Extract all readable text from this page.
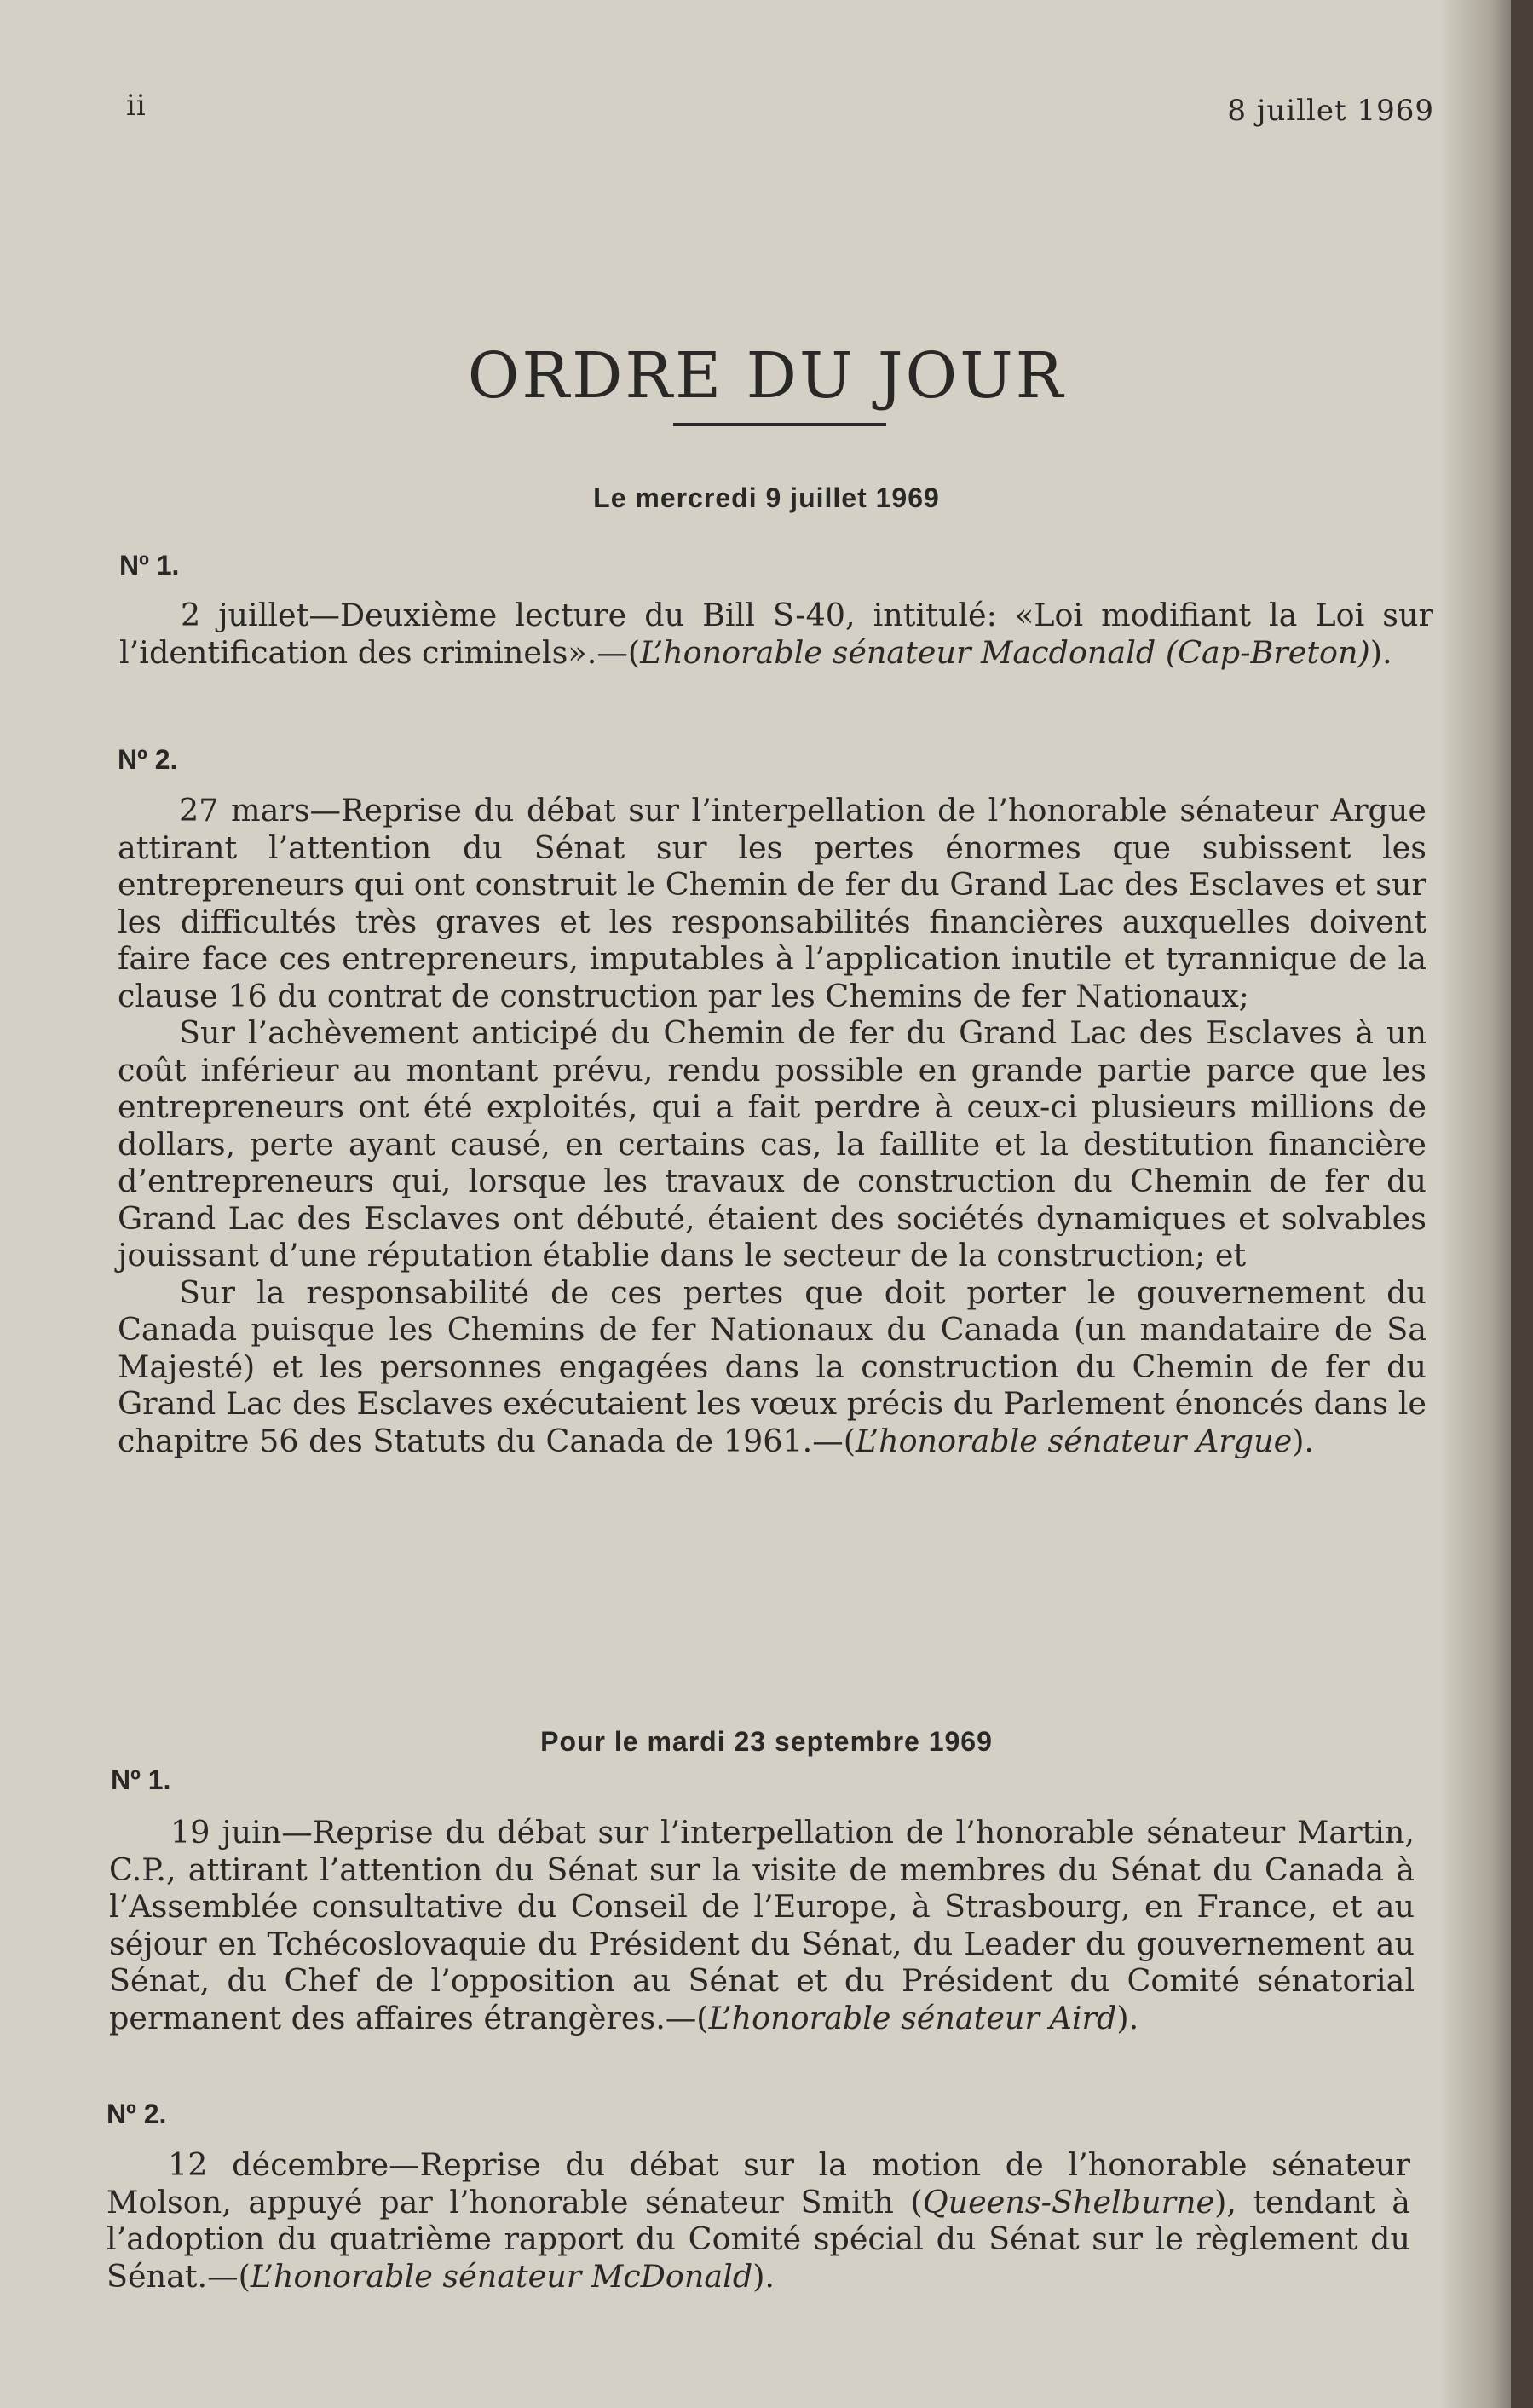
ii	8 juillet 1969
ORDRE DU JOUR
Le mercredi 9 juillet 1969
Nº 1.

2 juillet—Deuxième lecture du Bill S-40, intitulé: «Loi modifiant la Loi sur l’identification des criminels».—(L’honorable sénateur Macdonald (Cap-Breton)).

Nº 2.

27 mars—Reprise du débat sur l’interpellation de l’honorable sénateur Argue attirant l’attention du Sénat sur les pertes énormes que subissent les entrepreneurs qui ont construit le Chemin de fer du Grand Lac des Esclaves et sur les difficultés très graves et les responsabilités financières auxquelles doivent faire face ces entrepreneurs, imputables à l’application inutile et tyrannique de la clause 16 du contrat de construction par les Chemins de fer Nationaux;

Sur l’achèvement anticipé du Chemin de fer du Grand Lac des Esclaves à un coût inférieur au montant prévu, rendu possible en grande partie parce que les entrepreneurs ont été exploités, qui a fait perdre à ceux-ci plusieurs millions de dollars, perte ayant causé, en certains cas, la faillite et la destitution financière d’entrepreneurs qui, lorsque les travaux de construction du Chemin de fer du Grand Lac des Esclaves ont débuté, étaient des sociétés dynamiques et solvables jouissant d’une réputation établie dans le secteur de la construction; et

Sur la responsabilité de ces pertes que doit porter le gouvernement du Canada puisque les Chemins de fer Nationaux du Canada (un mandataire de Sa Majesté) et les personnes engagées dans la construction du Chemin de fer du Grand Lac des Esclaves exécutaient les vœux précis du Parlement énoncés dans le chapitre 56 des Statuts du Canada de 1961.—(L’honorable sénateur Argue).

Pour le mardi 23 septembre 1969
Nº 1.

19 juin—Reprise du débat sur l’interpellation de l’honorable sénateur Martin, C.P., attirant l’attention du Sénat sur la visite de membres du Sénat du Canada à l’Assemblée consultative du Conseil de l’Europe, à Strasbourg, en France, et au séjour en Tchécoslovaquie du Président du Sénat, du Leader du gouvernement au Sénat, du Chef de l’opposition au Sénat et du Président du Comité sénatorial permanent des affaires étrangères.—(L’honorable sénateur Aird).

Nº 2.

12 décembre—Reprise du débat sur la motion de l’honorable sénateur Molson, appuyé par l’honorable sénateur Smith (Queens-Shelburne), tendant à l’adoption du quatrième rapport du Comité spécial du Sénat sur le règlement du Sénat.—(L’honorable sénateur McDonald).
